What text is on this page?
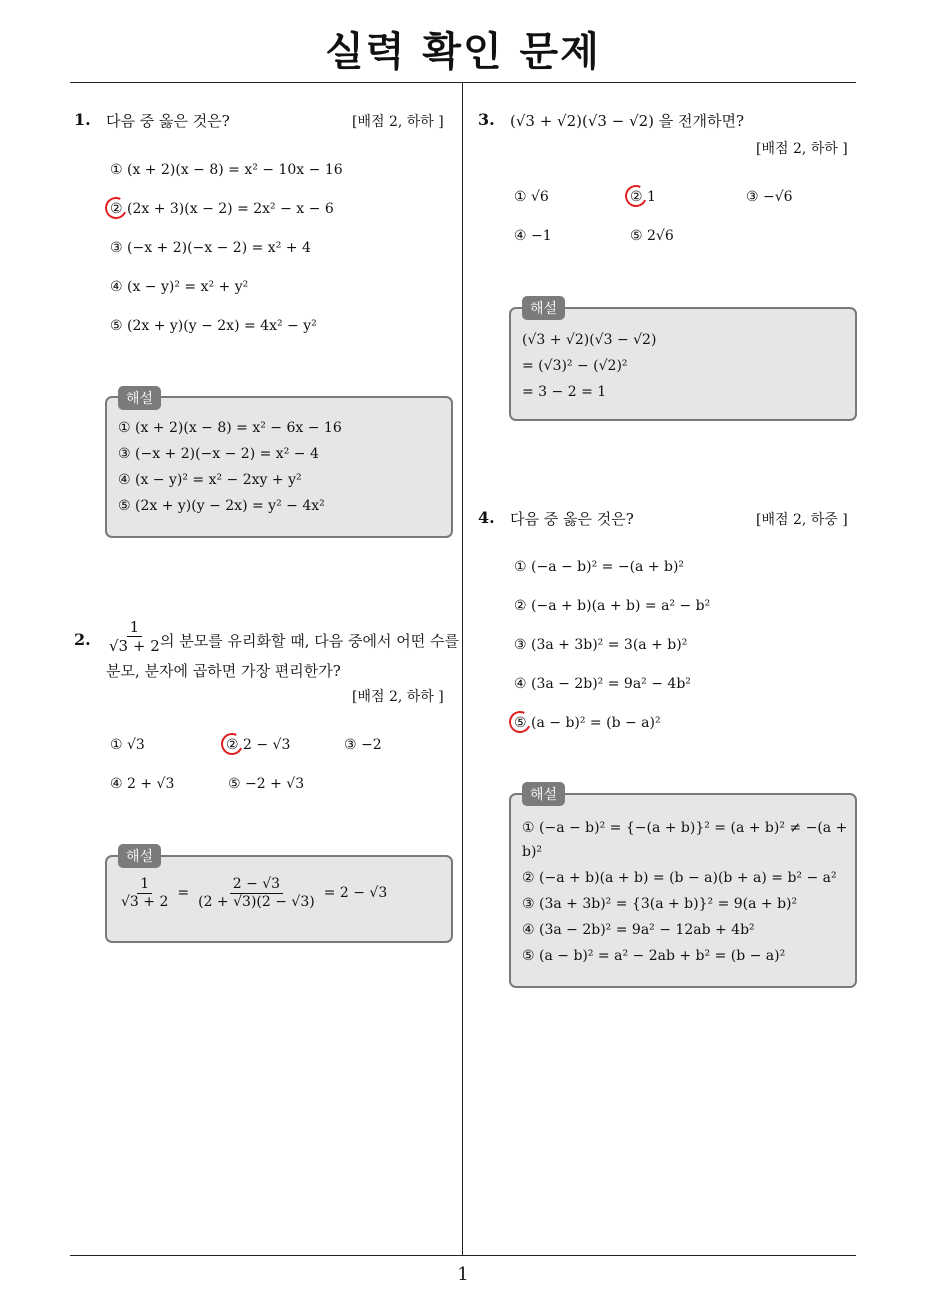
실력 확인 문제
1
1. 다음 중 옳은 것은?	[배점 2, 하하 ]
① (x + 2)(x − 8) = x² − 10x − 16
② (2x + 3)(x − 2) = 2x² − x − 6
③ (−x + 2)(−x − 2) = x² + 4
④ (x − y)² = x² + y²
⑤ (2x + y)(y − 2x) = 4x² − y²
해설
① (x + 2)(x − 8) = x² − 6x − 16
③ (−x + 2)(−x − 2) = x² − 4
④ (x − y)² = x² − 2xy + y²
⑤ (2x + y)(y − 2x) = y² − 4x²
2. $\frac{1}{√3 + 2}$
의 분모를 유리화할 때, 다음 중에서 어떤 수를
분모, 분자에 곱하면 가장 편리한가?
[배점 2, 하하 ]
① √3	② 2 − √3	③ −2
④ 2 + √3	⑤ −2 + √3
해설
$\frac{1}{√3 + 2} = \frac{2 - √3}{(2 + √3)(2 - √3)} = 2 - √3$
3. (√3 + √2)(√3 − √2) 을 전개하면?
[배점 2, 하하 ]
① √6	② 1	③ −√6
④ −1	⑤ 2√6
해설
(√3 + √2)(√3 − √2)
= (√3)² − (√2)²
= 3 − 2 = 1
4. 다음 중 옳은 것은?	[배점 2, 하중 ]
① (−a − b)² = −(a + b)²
② (−a + b)(a + b) = a² − b²
③ (3a + 3b)² = 3(a + b)²
④ (3a − 2b)² = 9a² − 4b²
⑤ (a − b)² = (b − a)²
해설
① (−a − b)² = {−(a + b)}² = (a + b)² ≠ −(a +
b)²
② (−a + b)(a + b) = (b − a)(b + a) = b² − a²
③ (3a + 3b)² = {3(a + b)}² = 9(a + b)²
④ (3a − 2b)² = 9a² − 12ab + 4b²
⑤ (a − b)² = a² − 2ab + b² = (b − a)²
